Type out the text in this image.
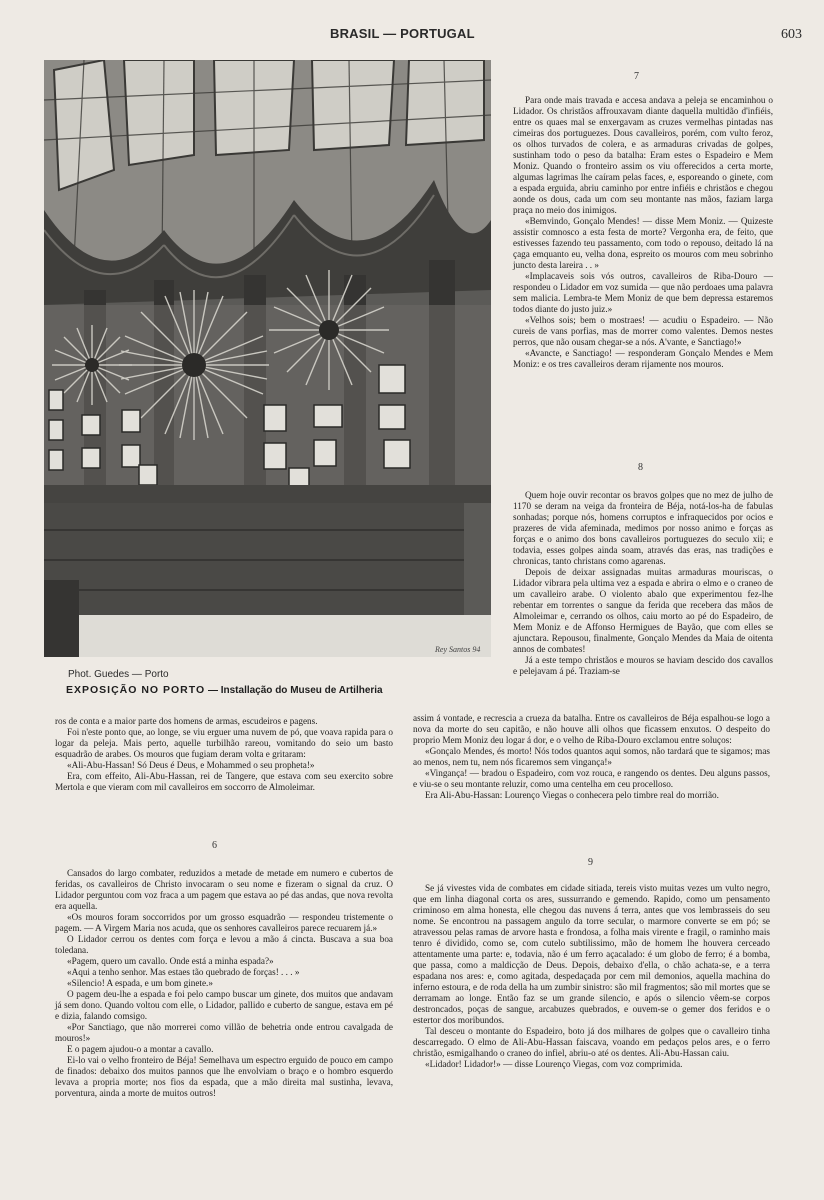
BRASIL — PORTUGAL	603
Rey Santos 94
Phot. Guedes — Porto
EXPOSIÇÃO NO PORTO — Installação do Museu de Artilheria
7

Para onde mais travada e accesa andava a peleja se encaminhou o Lidador. Os christãos affrouxavam diante daquella multidão d'infiéis, entre os quaes mal se enxergavam as cruzes vermelhas pintadas nas cimeiras dos portuguezes. Dous cavalleiros, porém, com vulto feroz, os olhos turvados de colera, e as armaduras crivadas de golpes, sustinham todo o peso da batalha: Eram estes o Espadeiro e Mem Moniz. Quando o fronteiro assim os viu offerecidos a certa morte, algumas lagrimas lhe caíram pelas faces, e, esporeando o ginete, com a espada erguida, abriu caminho por entre infiéis e christãos e chegou aonde os dous, cada um com seu montante nas mãos, faziam larga praça no meio dos inimigos.

«Bemvindo, Gonçalo Mendes! — disse Mem Moniz. — Quizeste assistir comnosco a esta festa de morte? Vergonha era, de feito, que estivesses fazendo teu passamento, com todo o repouso, deitado lá na çaga emquanto eu, velha dona, espreito os mouros com meu sobrinho juncto desta lareira . . »

«Implacaveis sois vós outros, cavalleiros de Riba-Douro — respondeu o Lidador em voz sumida — que não perdoaes uma palavra sem malicia. Lembra-te Mem Moniz de que bem depressa estaremos todos diante do justo juiz.»

«Velhos sois; bem o mostraes! — acudiu o Espadeiro. — Não cureis de vans porfias, mas de morrer como valentes. Demos nestes perros, que não ousam chegar-se a nós. A'vante, e Sanctiago!»

«Avancte, e Sanctiago! — responderam Gonçalo Mendes e Mem Moniz: e os tres cavalleiros deram rijamente nos mouros.

8

Quem hoje ouvir recontar os bravos golpes que no mez de julho de 1170 se deram na veiga da fronteira de Béja, notá-los-ha de fabulas sonhadas; porque nós, homens corruptos e infraquecidos por ocios e prazeres de vida afeminada, medimos por nosso animo e forças as forças e o animo dos bons cavalleiros portuguezes do seculo xii; e todavia, esses golpes ainda soam, através das eras, nas tradições e chronicas, tanto christans como agarenas.

Depois de deixar assignadas muitas armaduras mouriscas, o Lidador vibrara pela ultima vez a espada e abrira o elmo e o craneo de um cavalleiro arabe. O violento abalo que experimentou fez-lhe rebentar em torrentes o sangue da ferida que recebera das mãos de Almoleimar e, cerrando os olhos, caiu morto ao pé do Espadeiro, de Mem Moniz e de Affonso Hermigues de Bayão, que com elles se ajunctara. Repousou, finalmente, Gonçalo Mendes da Maia de oitenta annos de combates!

Já a este tempo christãos e mouros se haviam descido dos cavallos e pelejavam á pé. Traziam-se

ros de conta e a maior parte dos homens de armas, escudeiros e pagens.

Foi n'este ponto que, ao longe, se viu erguer uma nuvem de pó, que voava rapida para o logar da peleja. Mais perto, aquelle turbilhão rareou, vomitando do seio um basto esquadrão de arabes. Os mouros que fugiam deram volta e gritaram:

«Ali-Abu-Hassan! Só Deus é Deus, e Mohammed o seu propheta!»

Era, com effeito, Ali-Abu-Hassan, rei de Tangere, que estava com seu exercito sobre Mertola e que vieram com mil cavalleiros em soccorro de Almoleimar.

6

Cansados do largo combater, reduzidos a metade de metade em numero e cubertos de feridas, os cavalleiros de Christo invocaram o seu nome e fizeram o signal da cruz. O Lidador perguntou com voz fraca a um pagem que estava ao pé das andas, que nova revolta era aquella.

«Os mouros foram soccorridos por um grosso esquadrão — respondeu tristemente o pagem. — A Virgem Maria nos acuda, que os senhores cavalleiros parece recuarem já.»

O Lidador cerrou os dentes com força e levou a mão á cincta. Buscava a sua boa toledana.

«Pagem, quero um cavallo. Onde está a minha espada?»

«Aqui a tenho senhor. Mas estaes tão quebrado de forças! . . . »

«Silencio! A espada, e um bom ginete.»

O pagem deu-lhe a espada e foi pelo campo buscar um ginete, dos muitos que andavam já sem dono. Quando voltou com elle, o Lidador, pallido e cuberto de sangue, estava em pé e dizia, falando comsigo.

«Por Sanctiago, que não morrerei como villão de behetria onde entrou cavalgada de mouros!»

E o pagem ajudou-o a montar a cavallo.

Ei-lo vai o velho fronteiro de Béja! Semelhava um espectro erguido de pouco em campo de finados: debaixo dos muitos pannos que lhe envolviam o braço e o hombro esquerdo levava a propria morte; nos fios da espada, que a mão direita mal sustinha, levava, porventura, ainda a morte de muitos outros!

assim á vontade, e recrescia a crueza da batalha. Entre os cavalleiros de Béja espalhou-se logo a nova da morte do seu capitão, e não houve alli olhos que ficassem enxutos. O despeito do proprio Mem Moniz deu logar á dor, e o velho de Riba-Douro exclamou entre soluços:

«Gonçalo Mendes, és morto! Nós todos quantos aqui somos, não tardará que te sigamos; mas ao menos, nem tu, nem nós ficaremos sem vingança!»

«Vingança! — bradou o Espadeiro, com voz rouca, e rangendo os dentes. Deu alguns passos, e viu-se o seu montante reluzir, como uma centelha em ceu procelloso.

Era Ali-Abu-Hassan: Lourenço Viegas o conhecera pelo timbre real do morrião.

9

Se já vivestes vida de combates em cidade sitiada, tereis visto muitas vezes um vulto negro, que em linha diagonal corta os ares, sussurrando e gemendo. Rapido, como um pensamento criminoso em alma honesta, elle chegou das nuvens á terra, antes que vos lembrasseis do seu nome. Se encontrou na passagem angulo da torre secular, o marmore converte se em pó; se atravessou pelas ramas de arvore hasta e frondosa, a folha mais virente e fragil, o raminho mais tenro é dividido, como se, com cutelo subtilissimo, mão de homem lhe houvera cerceado attentamente uma parte: e, todavia, não é um ferro açacalado: é um globo de ferro; é a bomba, que passa, como a maldicção de Deus. Depois, debaixo d'ella, o chão achata-se, e a terra espadana nos ares: e, como agitada, despedaçada por cem mil demonios, aquella machina do inferno estoura, e de roda della ha um zumbir sinistro: são mil fragmentos; são mil mortes que se derramam ao longe. Então faz se um grande silencio, e após o silencio vêem-se corpos destroncados, poças de sangue, arcabuzes quebrados, e ouvem-se o gemer dos feridos e o estertor dos moribundos.

Tal desceu o montante do Espadeiro, boto já dos milhares de golpes que o cavalleiro tinha descarregado. O elmo de Ali-Abu-Hassan faiscava, voando em pedaços pelos ares, e o ferro christão, esmigalhando o craneo do infiel, abriu-o até os dentes. Ali-Abu-Hassan caiu.

«Lidador! Lidador!» — disse Lourenço Viegas, com voz comprimida.
